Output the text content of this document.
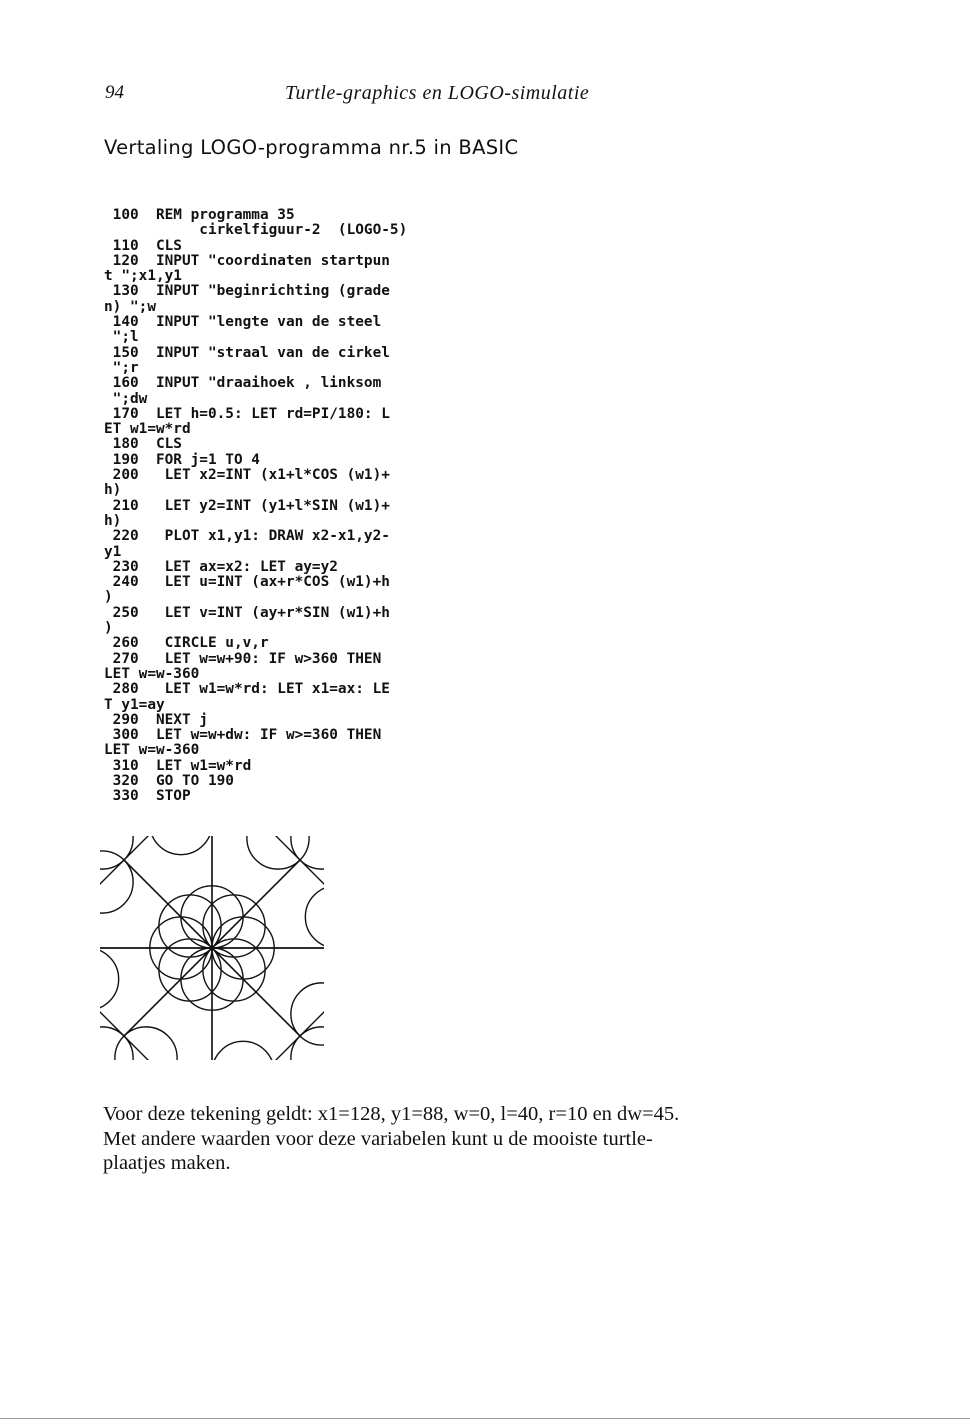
94	Turtle-graphics en LOGO-simulatie
Vertaling LOGO-programma nr.5 in BASIC
100  REM programma 35
cirkelfiguur-2  (LOGO-5)
110  CLS
120  INPUT "coordinaten startpun
t ";x1,y1
130  INPUT "beginrichting (grade
n) ";w
140  INPUT "lengte van de steel
";l
150  INPUT "straal van de cirkel
";r
160  INPUT "draaihoek , linksom
";dw
170  LET h=0.5: LET rd=PI/180: L
ET w1=w*rd
180  CLS
190  FOR j=1 TO 4
200   LET x2=INT (x1+l*COS (w1)+
h)
210   LET y2=INT (y1+l*SIN (w1)+
h)
220   PLOT x1,y1: DRAW x2-x1,y2-
y1
230   LET ax=x2: LET ay=y2
240   LET u=INT (ax+r*COS (w1)+h
)
250   LET v=INT (ay+r*SIN (w1)+h
)
260   CIRCLE u,v,r
270   LET w=w+90: IF w>360 THEN
LET w=w-360
280   LET w1=w*rd: LET x1=ax: LE
T y1=ay
290  NEXT j
300  LET w=w+dw: IF w>=360 THEN
LET w=w-360
310  LET w1=w*rd
320  GO TO 190
330  STOP
Voor deze tekening geldt: x1=128, y1=88, w=0, l=40, r=10 en dw=45.
Met andere waarden voor deze variabelen kunt u de mooiste turtle-
plaatjes maken.
